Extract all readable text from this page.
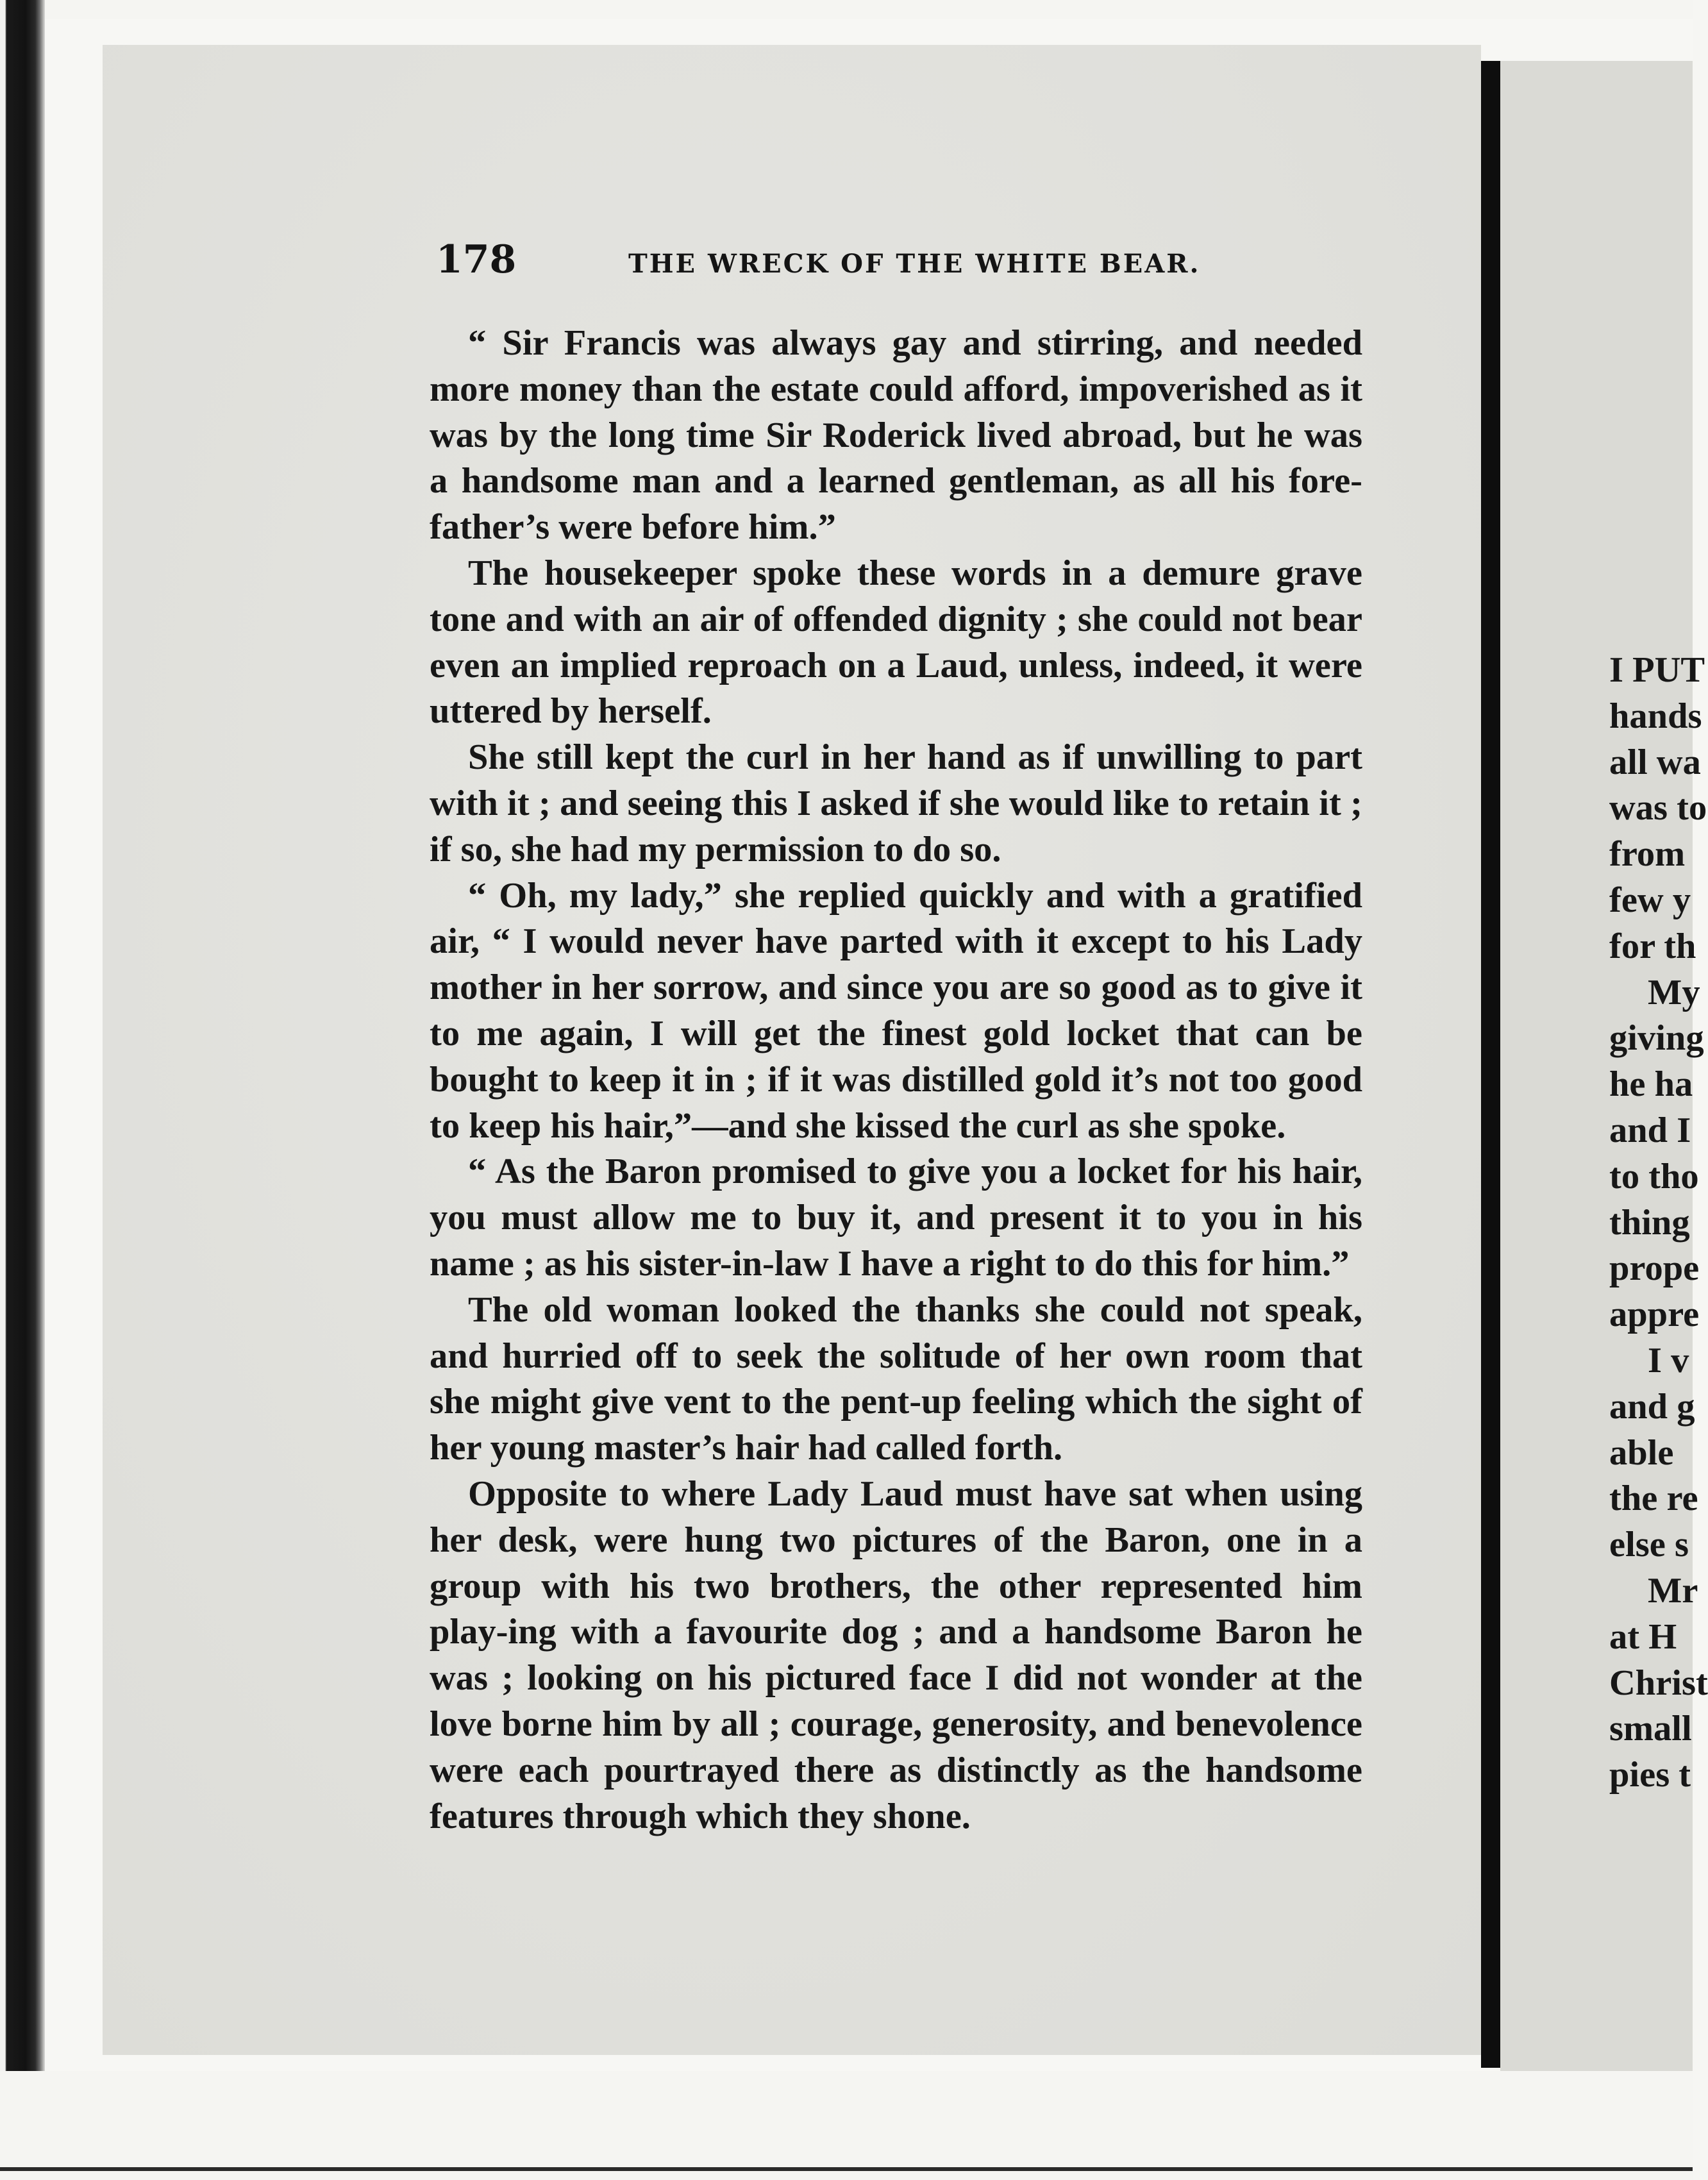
178	THE WRECK OF THE WHITE BEAR.

“ Sir Francis was always gay and stirring, and needed more money than the estate could afford, impoverished as it was by the long time Sir Roderick lived abroad, but he was a handsome man and a learned gentleman, as all his fore-father’s were before him.”

The housekeeper spoke these words in a demure grave tone and with an air of offended dignity ; she could not bear even an implied reproach on a Laud, unless, indeed, it were uttered by herself.

She still kept the curl in her hand as if unwilling to part with it ; and seeing this I asked if she would like to retain it ; if so, she had my permission to do so.

“ Oh, my lady,” she replied quickly and with a gratified air, “ I would never have parted with it except to his Lady mother in her sorrow, and since you are so good as to give it to me again, I will get the finest gold locket that can be bought to keep it in ; if it was distilled gold it’s not too good to keep his hair,”—and she kissed the curl as she spoke.

“ As the Baron promised to give you a locket for his hair, you must allow me to buy it, and present it to you in his name ; as his sister-in-law I have a right to do this for him.”

The old woman looked the thanks she could not speak, and hurried off to seek the solitude of her own room that she might give vent to the pent-up feeling which the sight of her young master’s hair had called forth.

Opposite to where Lady Laud must have sat when using her desk, were hung two pictures of the Baron, one in a group with his two brothers, the other represented him play-ing with a favourite dog ; and a handsome Baron he was ; looking on his pictured face I did not wonder at the love borne him by all ; courage, generosity, and benevolence were each pourtrayed there as distinctly as the handsome features through which they shone.

I PUT
hands
all wa
was to
from
few y
for th
My
giving
he ha
and I
to tho
thing
prope
appre
I v
and g
able
the re
else s
Mr
at H
Christ
small
pies t
